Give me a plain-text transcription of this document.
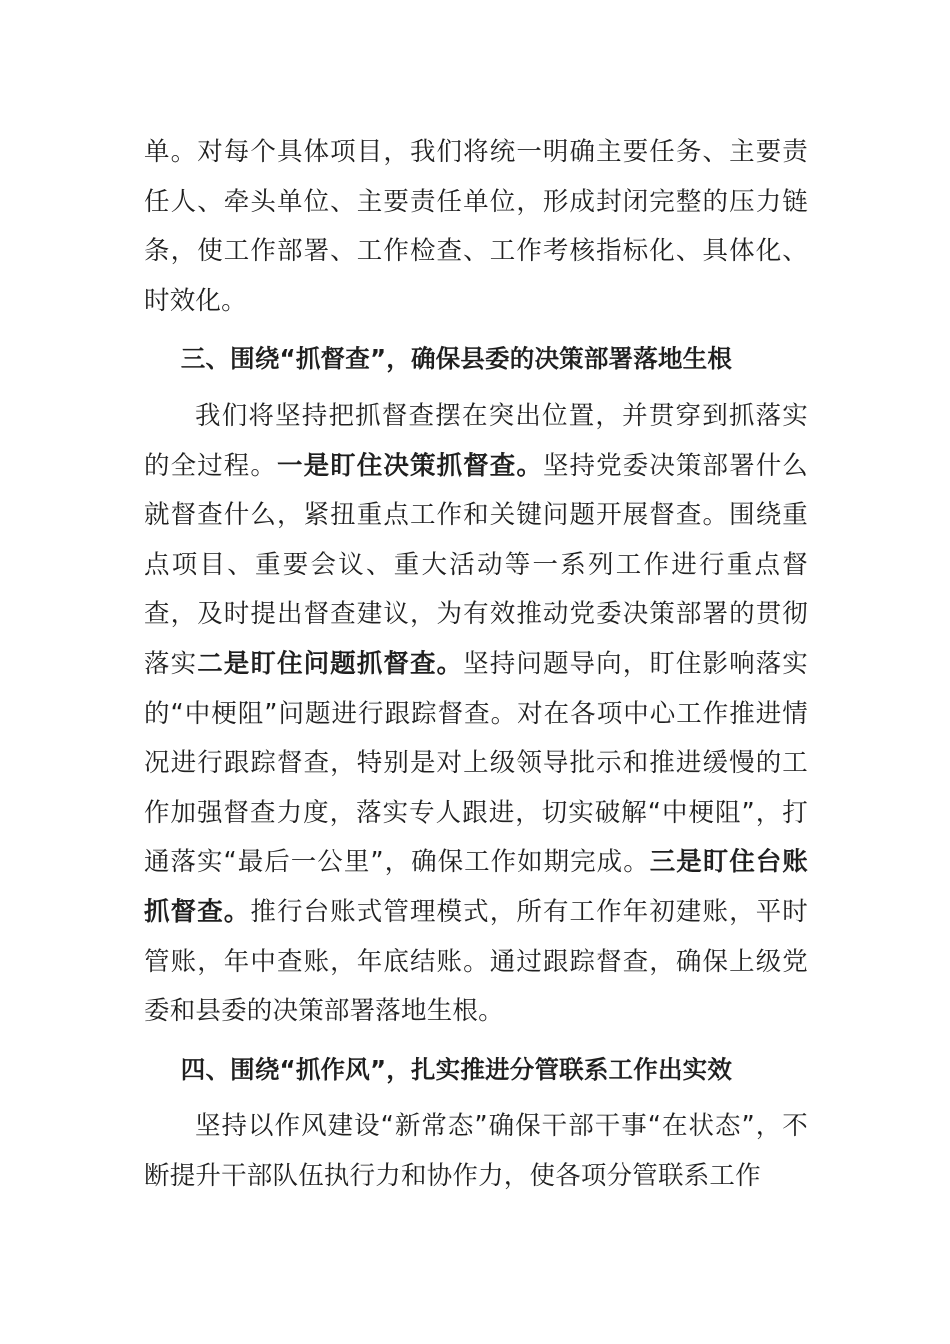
单。对每个具体项目，我们将统一明确主要任务、主要责任人、牵头单位、主要责任单位，形成封闭完整的压力链条，使工作部署、工作检查、工作考核指标化、具体化、时效化。

三、围绕“抓督查”，确保县委的决策部署落地生根

我们将坚持把抓督查摆在突出位置，并贯穿到抓落实的全过程。一是盯住决策抓督查。坚持党委决策部署什么就督查什么，紧扭重点工作和关键问题开展督查。围绕重点项目、重要会议、重大活动等一系列工作进行重点督查，及时提出督查建议，为有效推动党委决策部署的贯彻落实二是盯住问题抓督查。坚持问题导向，盯住影响落实的“中梗阻”问题进行跟踪督查。对在各项中心工作推进情况进行跟踪督查，特别是对上级领导批示和推进缓慢的工作加强督查力度，落实专人跟进，切实破解“中梗阻”，打通落实“最后一公里”，确保工作如期完成。三是盯住台账抓督查。推行台账式管理模式，所有工作年初建账，平时管账，年中查账，年底结账。通过跟踪督查，确保上级党委和县委的决策部署落地生根。

四、围绕“抓作风”，扎实推进分管联系工作出实效

坚持以作风建设“新常态”确保干部干事“在状态”，不断提升干部队伍执行力和协作力，使各项分管联系工作
